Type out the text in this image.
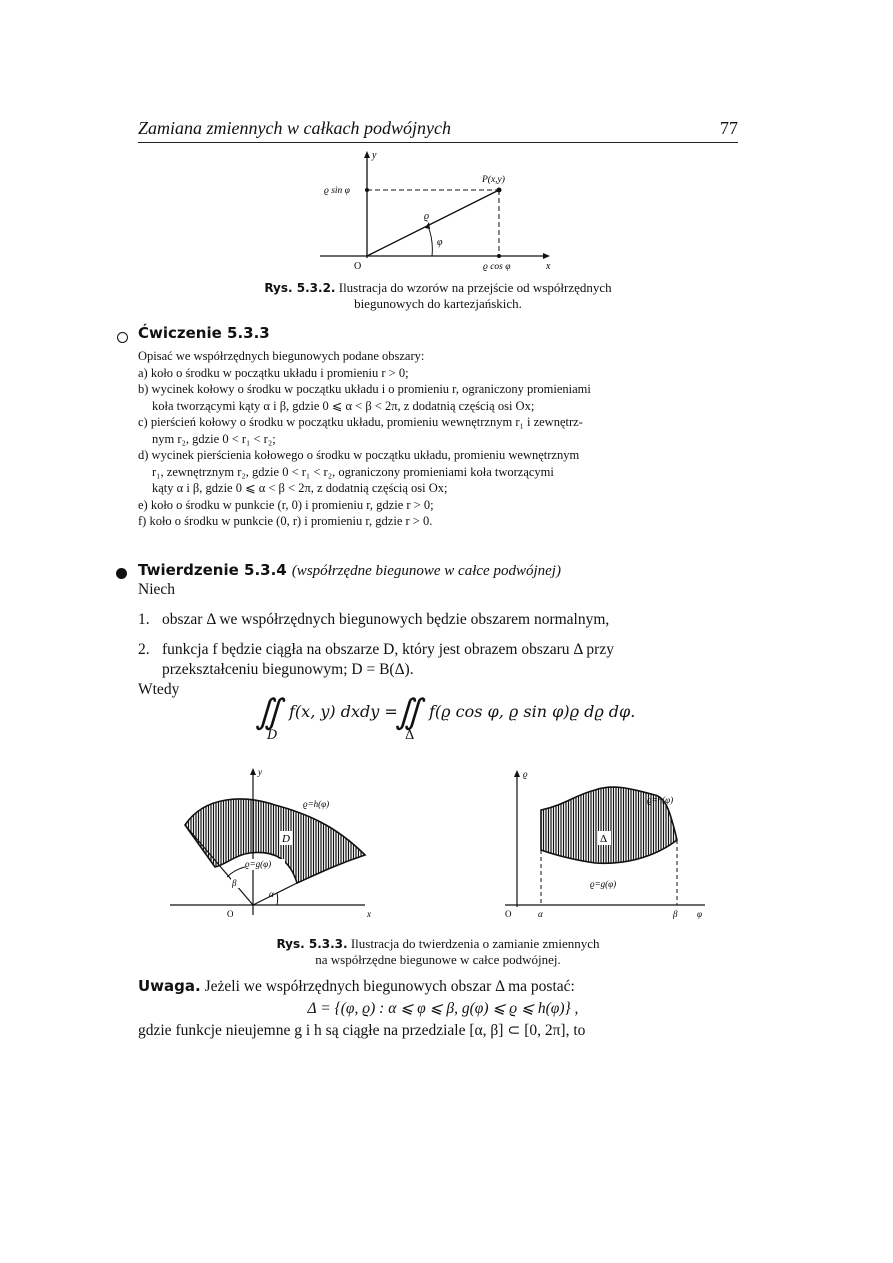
Zamiana zmiennych w całkach podwójnych	77
y
x
O
P(x,y)
ϱ sin φ
ϱ cos φ
ϱ
φ
Rys. 5.3.2. Ilustracja do wzorów na przejście od współrzędnych
biegunowych do kartezjańskich.
Ćwiczenie 5.3.3
Opisać we współrzędnych biegunowych podane obszary:
a) koło o środku w początku układu i promieniu r > 0;
b) wycinek kołowy o środku w początku układu i o promieniu r, ograniczony promieniami
koła tworzącymi kąty α i β, gdzie 0 ⩽ α < β < 2π, z dodatnią częścią osi Ox;
c) pierścień kołowy o środku w początku układu, promieniu wewnętrznym r₁ i zewnętrz-
nym r₂, gdzie 0 < r₁ < r₂;
d) wycinek pierścienia kołowego o środku w początku układu, promieniu wewnętrznym
r₁, zewnętrznym r₂, gdzie 0 < r₁ < r₂, ograniczony promieniami koła tworzącymi
kąty α i β, gdzie 0 ⩽ α < β < 2π, z dodatnią częścią osi Ox;
e) koło o środku w punkcie (r, 0) i promieniu r, gdzie r > 0;
f) koło o środku w punkcie (0, r) i promieniu r, gdzie r > 0.
Twierdzenie 5.3.4 (współrzędne biegunowe w całce podwójnej)
Niech
1. obszar Δ we współrzędnych biegunowych będzie obszarem normalnym,
2. funkcja f będzie ciągła na obszarze D, który jest obrazem obszaru Δ przy
przekształceniu biegunowym; D = B(Δ).
Wtedy
∬
D
f(x, y) dxdy =
∬
Δ
f(ϱ cos φ, ϱ sin φ)ϱ dϱ dφ.
D
y
x
O
ϱ=h(φ)
ϱ=g(φ)
β
α
Δ
ϱ
φ
O
ϱ=h(φ)
ϱ=g(φ)
α	β
Rys. 5.3.3. Ilustracja do twierdzenia o zamianie zmiennych
na współrzędne biegunowe w całce podwójnej.
Uwaga. Jeżeli we współrzędnych biegunowych obszar Δ ma postać:
Δ = {(φ, ϱ) : α ⩽ φ ⩽ β, g(φ) ⩽ ϱ ⩽ h(φ)} ,
gdzie funkcje nieujemne g i h są ciągłe na przedziale [α, β] ⊂ [0, 2π], to
